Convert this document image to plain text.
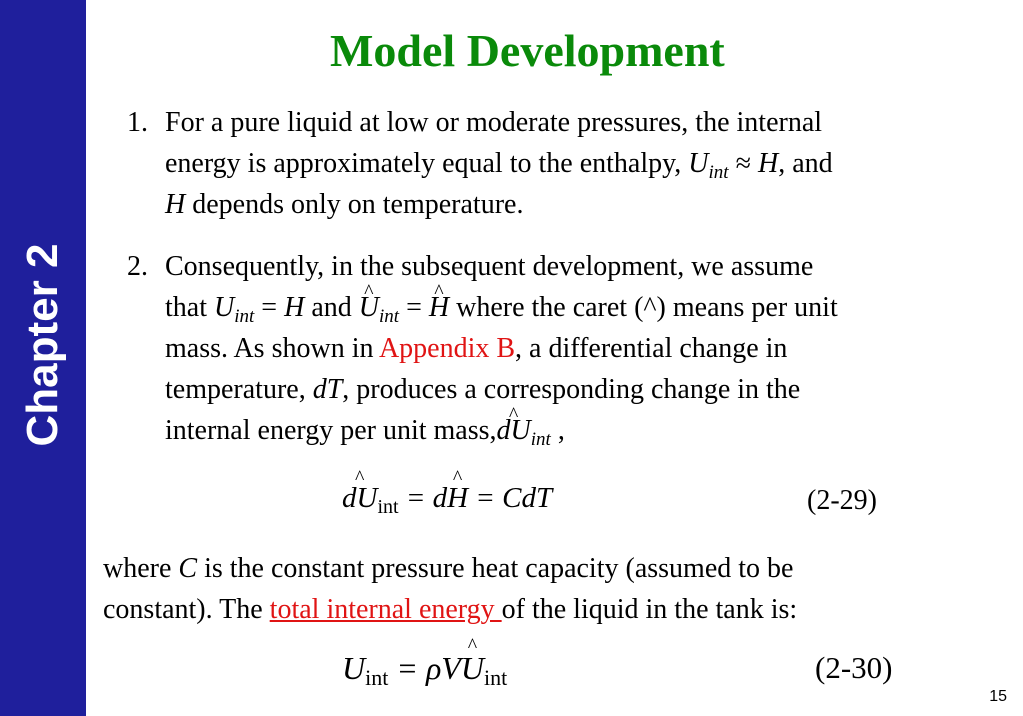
Chapter 2
Model Development
1. For a pure liquid at low or moderate pressures, the internal
energy is approximately equal to the enthalpy, $U_{int} \approx H$, and
H depends only on temperature.
2. Consequently, in the subsequent development, we assume
that $U_{int} = H$ and U $\^{}_{int} = H$ ^ where the caret (^) means per unit
mass. As shown in Appendix B, a differential change in
temperature, dT, produces a corresponding change in the
internal energy per unit mass,dU $\^{}_{int}$ ,
dU $\^{}_{int}$ = dH ^ = CdT	(2-29)
where C is the constant pressure heat capacity (assumed to be
constant). The total internal energy of the liquid in the tank is:
$U_{int} = \rho VU$ $\^{}_{int}$	(2-30)
15
